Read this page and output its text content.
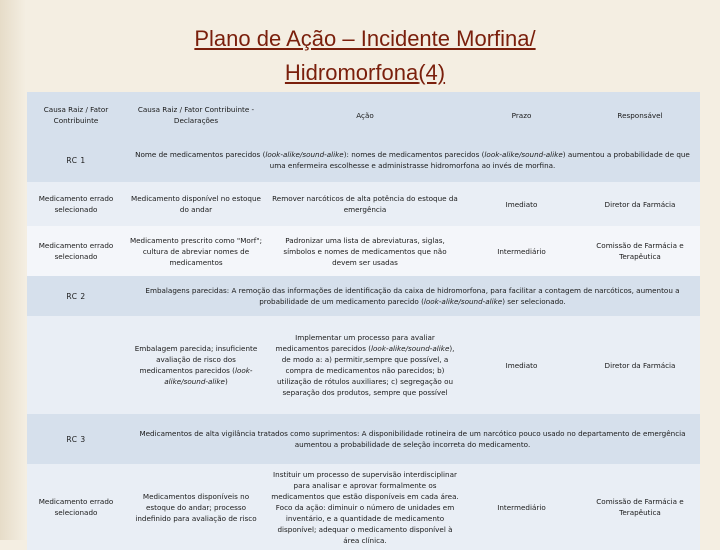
Plano de Ação – Incidente Morfina/
Hidromorfona(4)
Causa Raiz / Fator Contribuinte	Causa Raiz / Fator Contribuinte - Declarações	Ação	Prazo	Responsável
RC 1	Nome de medicamentos parecidos (look-alike/sound-alike): nomes de medicamentos parecidos (look-alike/sound-alike) aumentou a probabilidade de que uma enfermeira escolhesse e administrasse hidromorfona ao invés de morfina.			
Medicamento errado selecionado	Medicamento disponível no estoque do andar	Remover narcóticos de alta potência do estoque da emergência	Imediato	Diretor da Farmácia
Medicamento errado selecionado	Medicamento prescrito como "Morf"; cultura de abreviar nomes de medicamentos	Padronizar uma lista de abreviaturas, siglas, símbolos e nomes de medicamentos que não devem ser usadas	Intermediário	Comissão de Farmácia e Terapêutica
RC 2	Embalagens parecidas: A remoção das informações de identificação da caixa de hidromorfona, para facilitar a contagem de narcóticos, aumentou a probabilidade de um medicamento parecido (look-alike/sound-alike) ser selecionado.			
	Embalagem parecida; insuficiente avaliação de risco dos medicamentos parecidos (look-alike/sound-alike)	Implementar um processo para avaliar medicamentos parecidos (look-alike/sound-alike), de modo a: a) permitir,sempre que possível, a compra de medicamentos não parecidos; b) utilização de rótulos auxiliares; c) segregação ou separação dos produtos, sempre que possível	Imediato	Diretor da Farmácia
RC 3	Medicamentos de alta vigilância tratados como suprimentos: A disponibilidade rotineira de um narcótico pouco usado no departamento de emergência aumentou a probabilidade de seleção incorreta do medicamento.			
Medicamento errado selecionado	Medicamentos disponíveis no estoque do andar; processo indefinido para avaliação de risco	Instituir um processo de supervisão interdisciplinar para analisar e aprovar formalmente os medicamentos que estão disponíveis em cada área. Foco da ação: diminuir o número de unidades em inventário, e a quantidade de medicamento disponível; adequar o medicamento disponível à área clínica.	Intermediário	Comissão de Farmácia e Terapêutica
